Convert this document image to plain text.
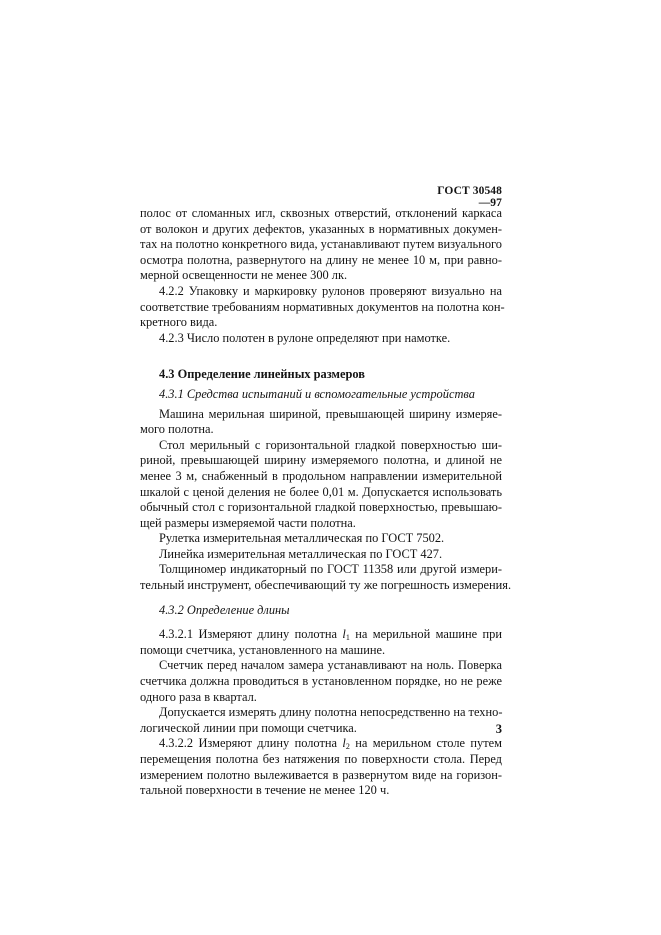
ГОСТ 30548—97
полос от сломанных игл, сквозных отверстий, отклонений каркаса
от волокон и других дефектов, указанных в нормативных докумен-
тах на полотно конкретного вида, устанавливают путем визуального
осмотра полотна, развернутого на длину не менее 10 м, при равно-
мерной освещенности не менее 300 лк.
4.2.2 Упаковку и маркировку рулонов проверяют визуально на
соответствие требованиям нормативных документов на полотна кон-
кретного вида.
4.2.3 Число полотен в рулоне определяют при намотке.
4.3 Определение линейных размеров
4.3.1 Средства испытаний и вспомогательные устройства
Машина мерильная шириной, превышающей ширину измеряе-
мого полотна.
Стол мерильный с горизонтальной гладкой поверхностью ши-
риной, превышающей ширину измеряемого полотна, и длиной не
менее 3 м, снабженный в продольном направлении измерительной
шкалой с ценой деления не более 0,01 м. Допускается использовать
обычный стол с горизонтальной гладкой поверхностью, превышаю-
щей размеры измеряемой части полотна.
Рулетка измерительная металлическая по ГОСТ 7502.
Линейка измерительная металлическая по ГОСТ 427.
Толщиномер индикаторный по ГОСТ 11358 или другой измери-
тельный инструмент, обеспечивающий ту же погрешность измерения.
4.3.2 Определение длины
4.3.2.1 Измеряют длину полотна $l_1$ на мерильной машине при
помощи счетчика, установленного на машине.
Счетчик перед началом замера устанавливают на ноль. Поверка
счетчика должна проводиться в установленном порядке, но не реже
одного раза в квартал.
Допускается измерять длину полотна непосредственно на техно-
логической линии при помощи счетчика.
4.3.2.2 Измеряют длину полотна $l_2$ на мерильном столе путем
перемещения полотна без натяжения по поверхности стола. Перед
измерением полотно вылеживается в развернутом виде на горизон-
тальной поверхности в течение не менее 120 ч.
3
